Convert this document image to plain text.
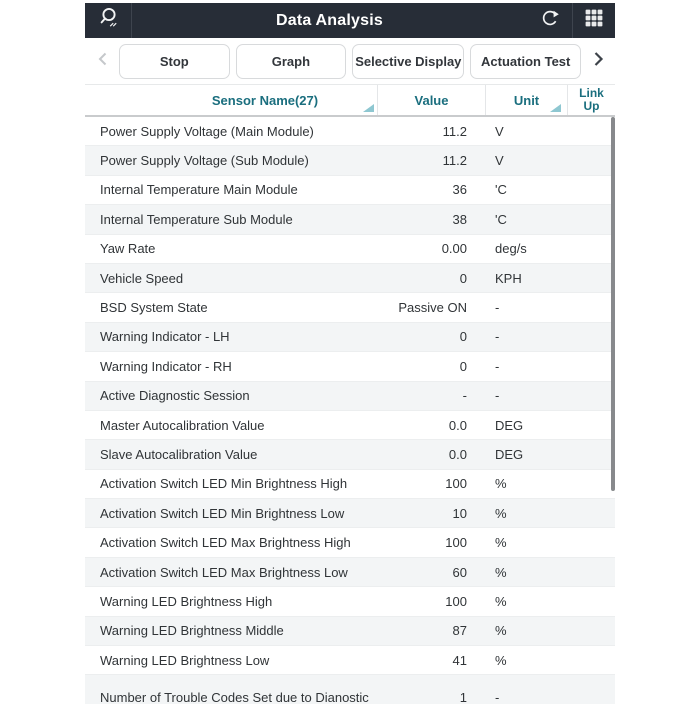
Data Analysis
Stop	Graph	Selective Display	Actuation Test
Sensor Name(27)	Value	Unit	Link Up
Power Supply Voltage (Main Module)	11.2	V
Power Supply Voltage (Sub Module)	11.2	V
Internal Temperature Main Module	36	'C
Internal Temperature Sub Module	38	'C
Yaw Rate	0.00	deg/s
Vehicle Speed	0	KPH
BSD System State	Passive ON	-
Warning Indicator - LH	0	-
Warning Indicator - RH	0	-
Active Diagnostic Session	-	-
Master Autocalibration Value	0.0	DEG
Slave Autocalibration Value	0.0	DEG
Activation Switch LED Min Brightness High	100	%
Activation Switch LED Min Brightness Low	10	%
Activation Switch LED Max Brightness High	100	%
Activation Switch LED Max Brightness Low	60	%
Warning LED Brightness High	100	%
Warning LED Brightness Middle	87	%
Warning LED Brightness Low	41	%
Number of Trouble Codes Set due to Dianostic	1	-
